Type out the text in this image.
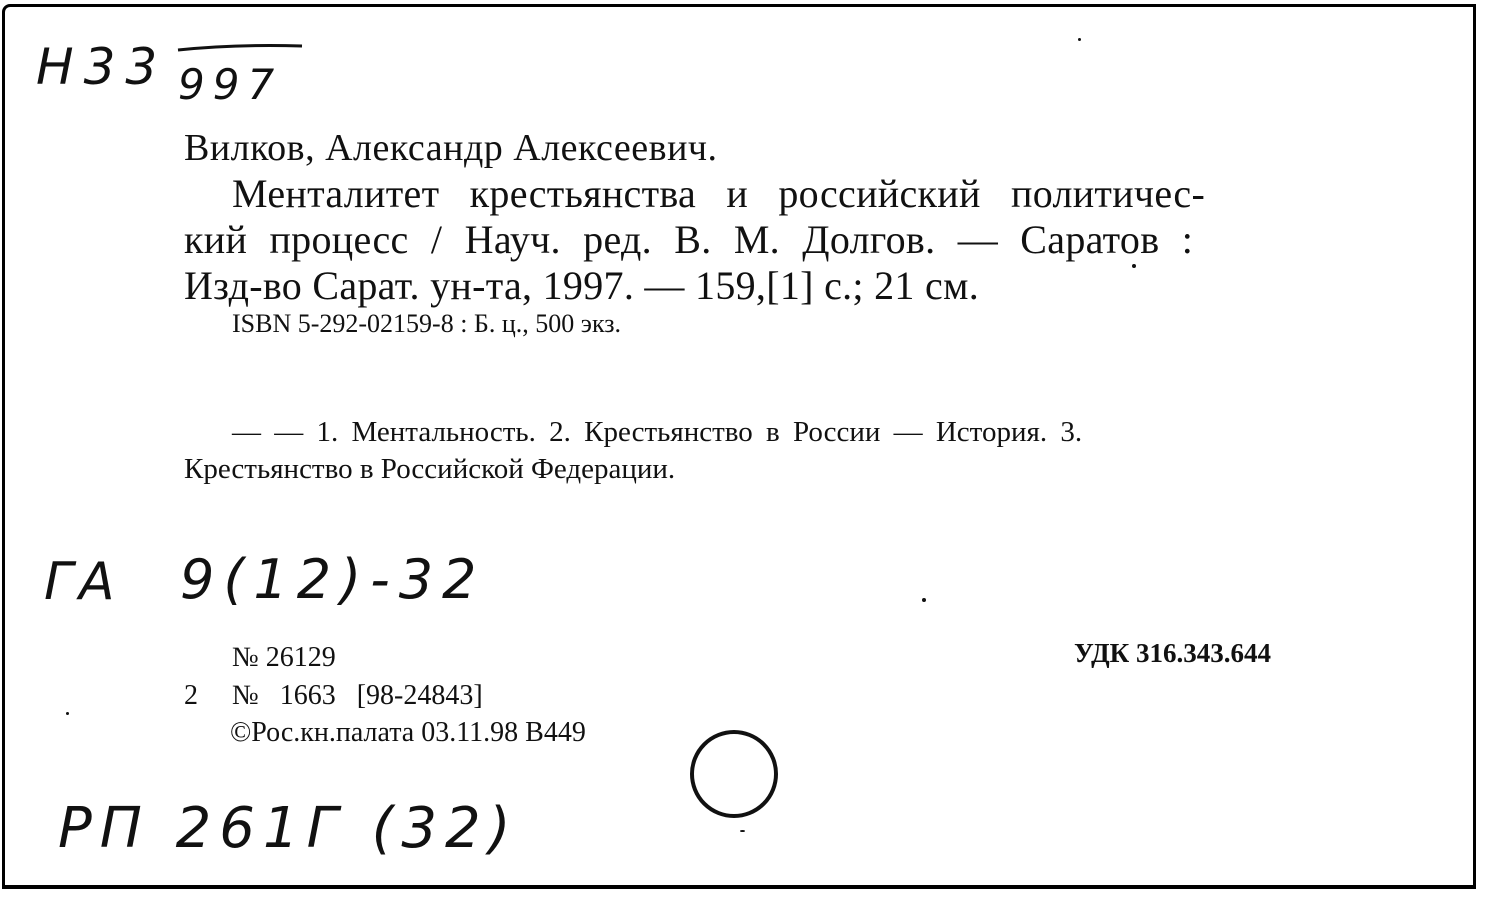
Н33 997
Вилков, Александр Алексеевич.
Менталитет крестьянства и российский политичес-
кий процесс / Науч. ред. В. М. Долгов. — Саратов :
Изд-во Сарат. ун-та, 1997. — 159,[1] с.; 21 см.
ISBN 5-292-02159-8 : Б. ц., 500 экз.
— — 1. Ментальность. 2. Крестьянство в России — История. 3.
Крестьянство в Российской Федерации.
ГА 9(12)-32
№ 26129	УДК 316.343.644
2 № 1663 [98-24843]
©Рос.кн.палата 03.11.98 В449
РП 261Г (32)
